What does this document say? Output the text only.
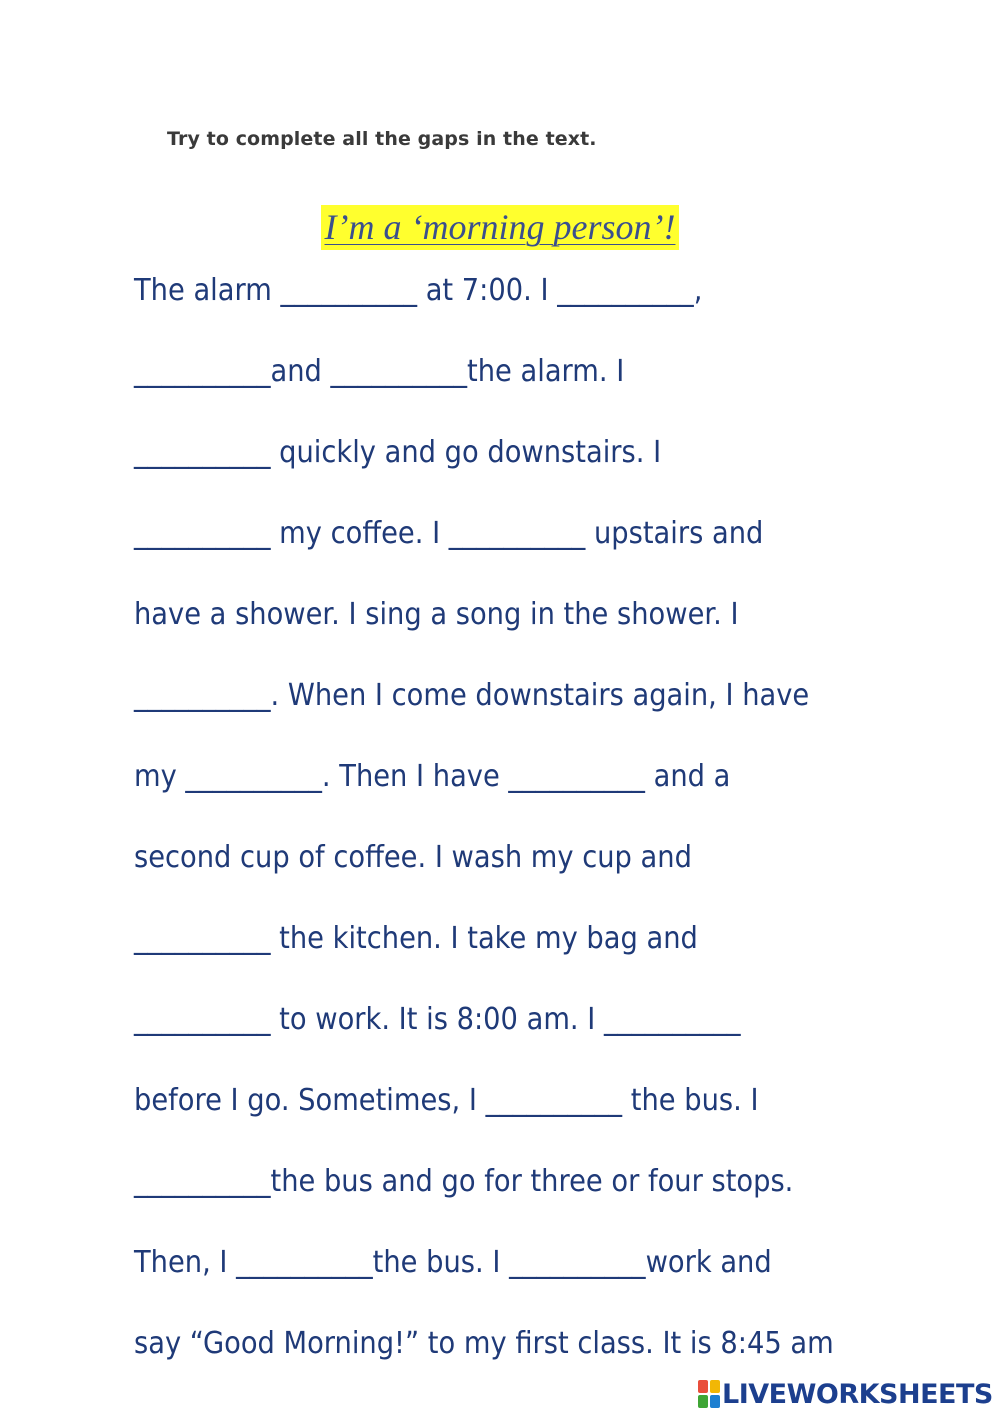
Try to complete all the gaps in the text.
I’m a ‘morning person’!
The alarm __________ at 7:00. I __________,
__________and __________the alarm. I
__________ quickly and go downstairs. I
__________ my coffee. I __________ upstairs and
have a shower. I sing a song in the shower. I
__________. When I come downstairs again, I have
my __________. Then I have __________ and a
second cup of coffee. I wash my cup and
__________ the kitchen. I take my bag and
__________ to work. It is 8:00 am. I __________
before I go. Sometimes, I __________ the bus. I
__________the bus and go for three or four stops.
Then, I __________the bus. I __________work and
say “Good Morning!” to my first class. It is 8:45 am
LIVEWORKSHEETS
